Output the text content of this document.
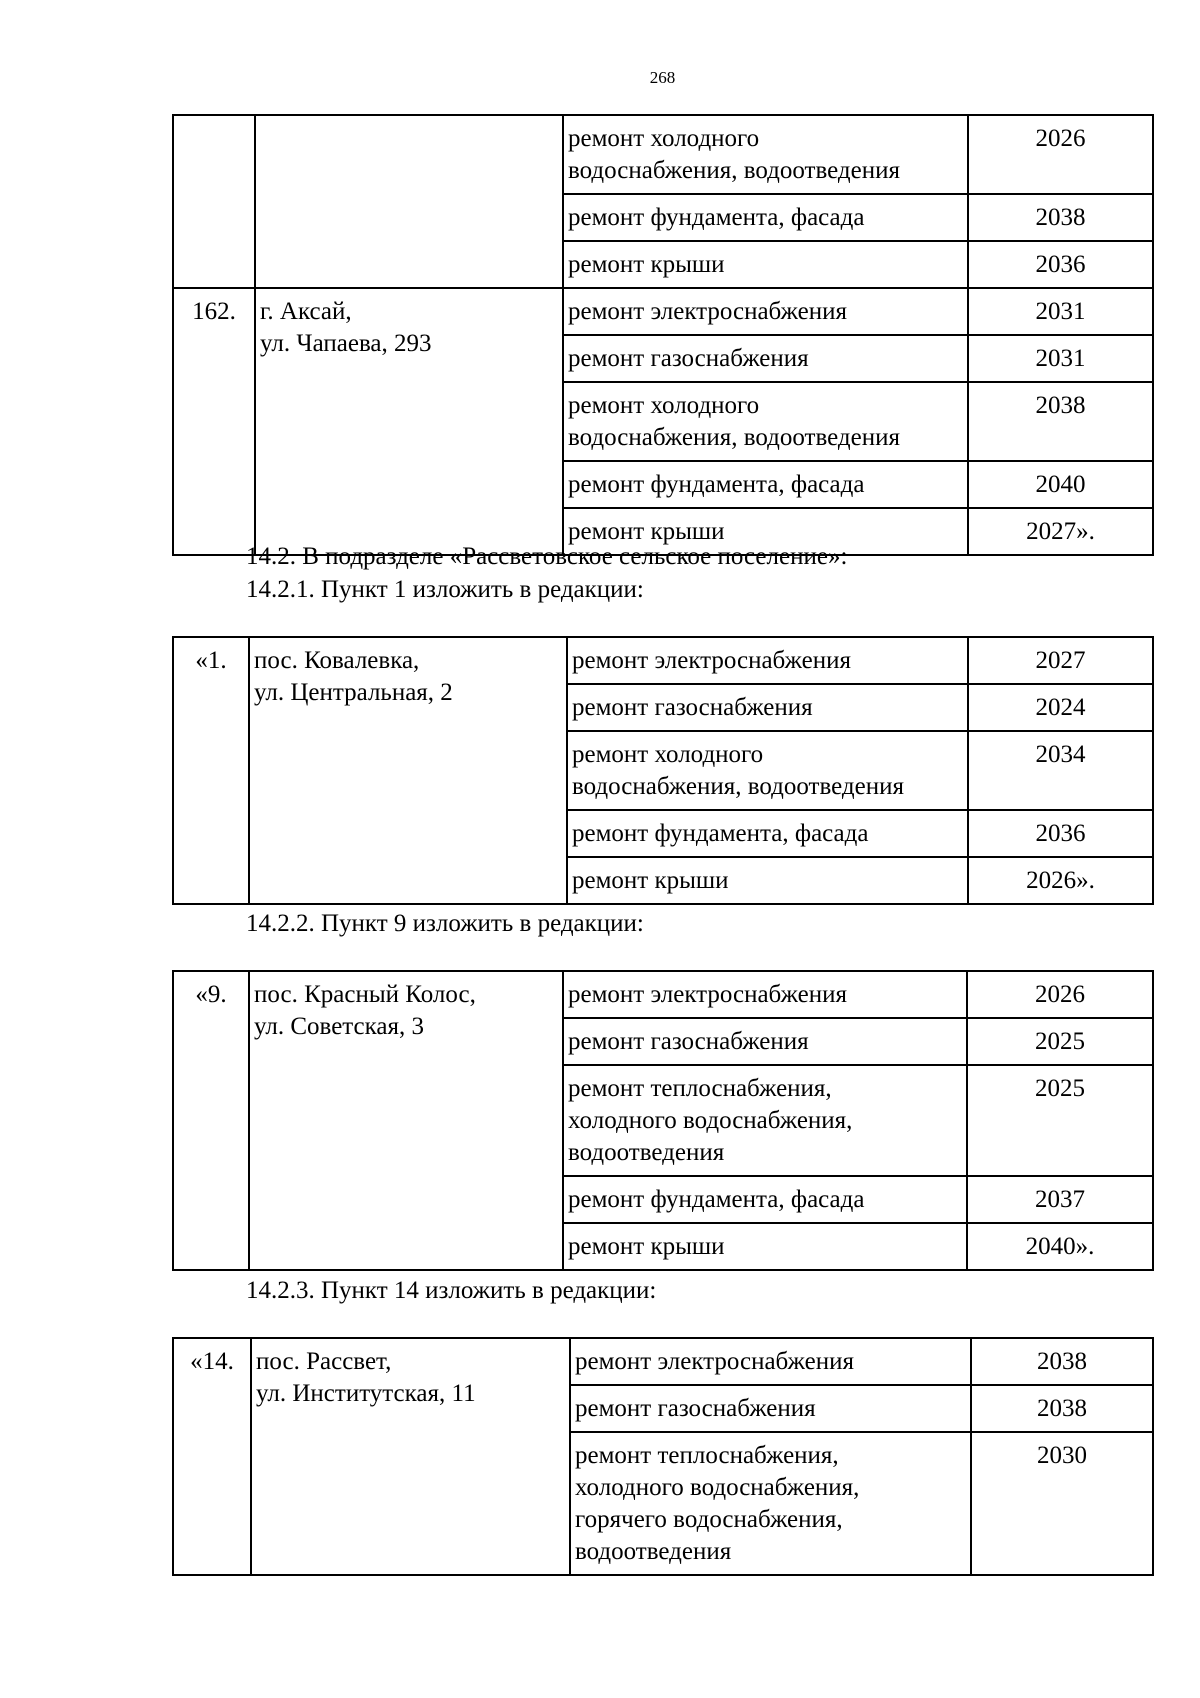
268

		ремонт холодного
водоснабжения, водоотведения	2026

		ремонт фундамента, фасада	2038

		ремонт крыши	2036
162.	г. Аксай,
ул. Чапаева, 293	ремонт электроснабжения	2031

		ремонт газоснабжения	2031

		ремонт холодного
водоснабжения, водоотведения	2038

		ремонт фундамента, фасада	2040

		ремонт крыши	2027».

14.2. В подразделе «Рассветовское сельское поселение»:

14.2.1. Пункт 1 изложить в редакции:

«1.	пос. Ковалевка,
ул. Центральная, 2	ремонт электроснабжения	2027

		ремонт газоснабжения	2024

		ремонт холодного
водоснабжения, водоотведения	2034

		ремонт фундамента, фасада	2036

		ремонт крыши	2026».

14.2.2. Пункт 9 изложить в редакции:

«9.	пос. Красный Колос,
ул. Советская, 3	ремонт электроснабжения	2026

		ремонт газоснабжения	2025

		ремонт теплоснабжения,
холодного водоснабжения,
водоотведения	2025

		ремонт фундамента, фасада	2037

		ремонт крыши	2040».

14.2.3. Пункт 14 изложить в редакции:

«14.	пос. Рассвет,
ул. Институтская, 11	ремонт электроснабжения	2038

		ремонт газоснабжения	2038

		ремонт теплоснабжения,
холодного водоснабжения,
горячего водоснабжения,
водоотведения	2030
